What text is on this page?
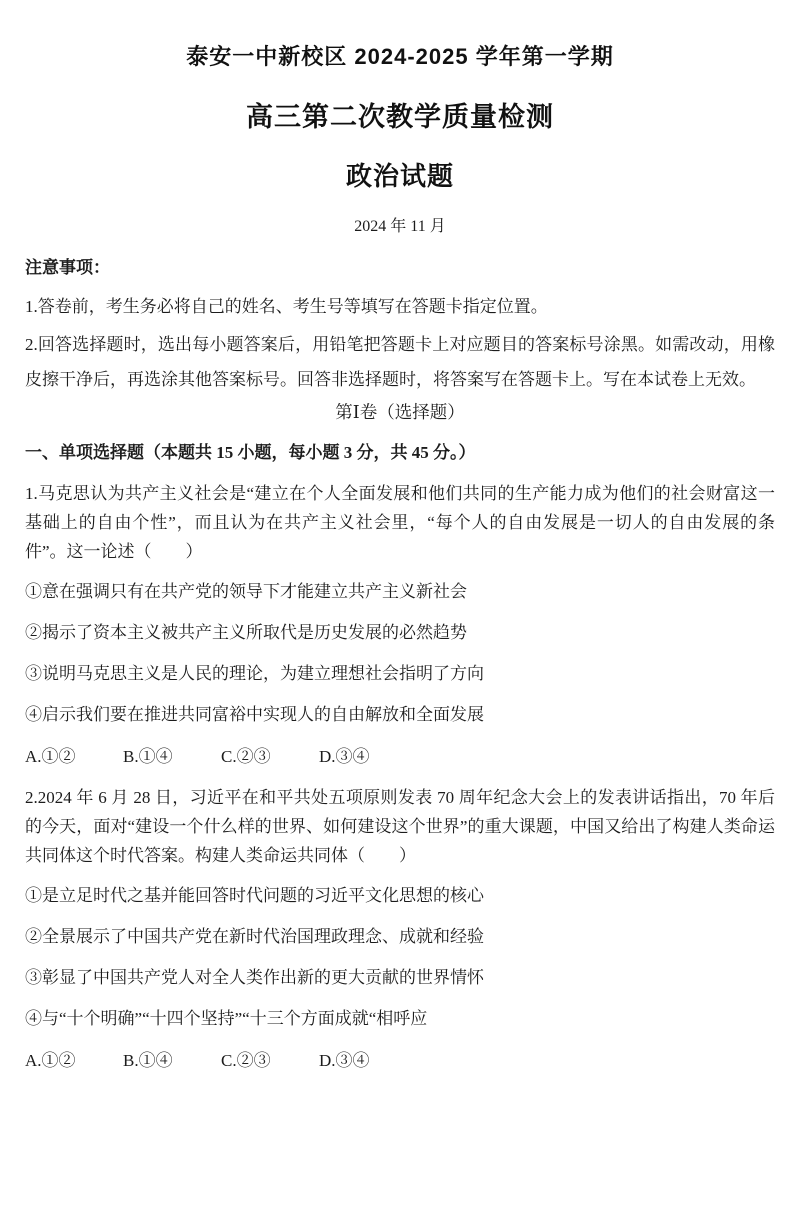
泰安一中新校区 2024-2025 学年第一学期
高三第二次教学质量检测
政治试题
2024 年 11 月

注意事项：

1.答卷前，考生务必将自己的姓名、考生号等填写在答题卡指定位置。

2.回答选择题时，选出每小题答案后，用铅笔把答题卡上对应题目的答案标号涂黑。如需改动，用橡皮擦干净后，再选涂其他答案标号。回答非选择题时，将答案写在答题卡上。写在本试卷上无效。

第Ⅰ卷（选择题）
一、单项选择题（本题共 15 小题，每小题 3 分，共 45 分。）

1.马克思认为共产主义社会是“建立在个人全面发展和他们共同的生产能力成为他们的社会财富这一基础上的自由个性”，而且认为在共产主义社会里，“每个人的自由发展是一切人的自由发展的条件”。这一论述（　　）

①意在强调只有在共产党的领导下才能建立共产主义新社会

②揭示了资本主义被共产主义所取代是历史发展的必然趋势

③说明马克思主义是人民的理论，为建立理想社会指明了方向

④启示我们要在推进共同富裕中实现人的自由解放和全面发展

A.①②	B.①④	C.②③	D.③④

2.2024 年 6 月 28 日，习近平在和平共处五项原则发表 70 周年纪念大会上的发表讲话指出，70 年后的今天，面对“建设一个什么样的世界、如何建设这个世界”的重大课题，中国又给出了构建人类命运共同体这个时代答案。构建人类命运共同体（　　）

①是立足时代之基并能回答时代问题的习近平文化思想的核心

②全景展示了中国共产党在新时代治国理政理念、成就和经验

③彰显了中国共产党人对全人类作出新的更大贡献的世界情怀

④与“十个明确”“十四个坚持”“十三个方面成就“相呼应

A.①②	B.①④	C.②③	D.③④
